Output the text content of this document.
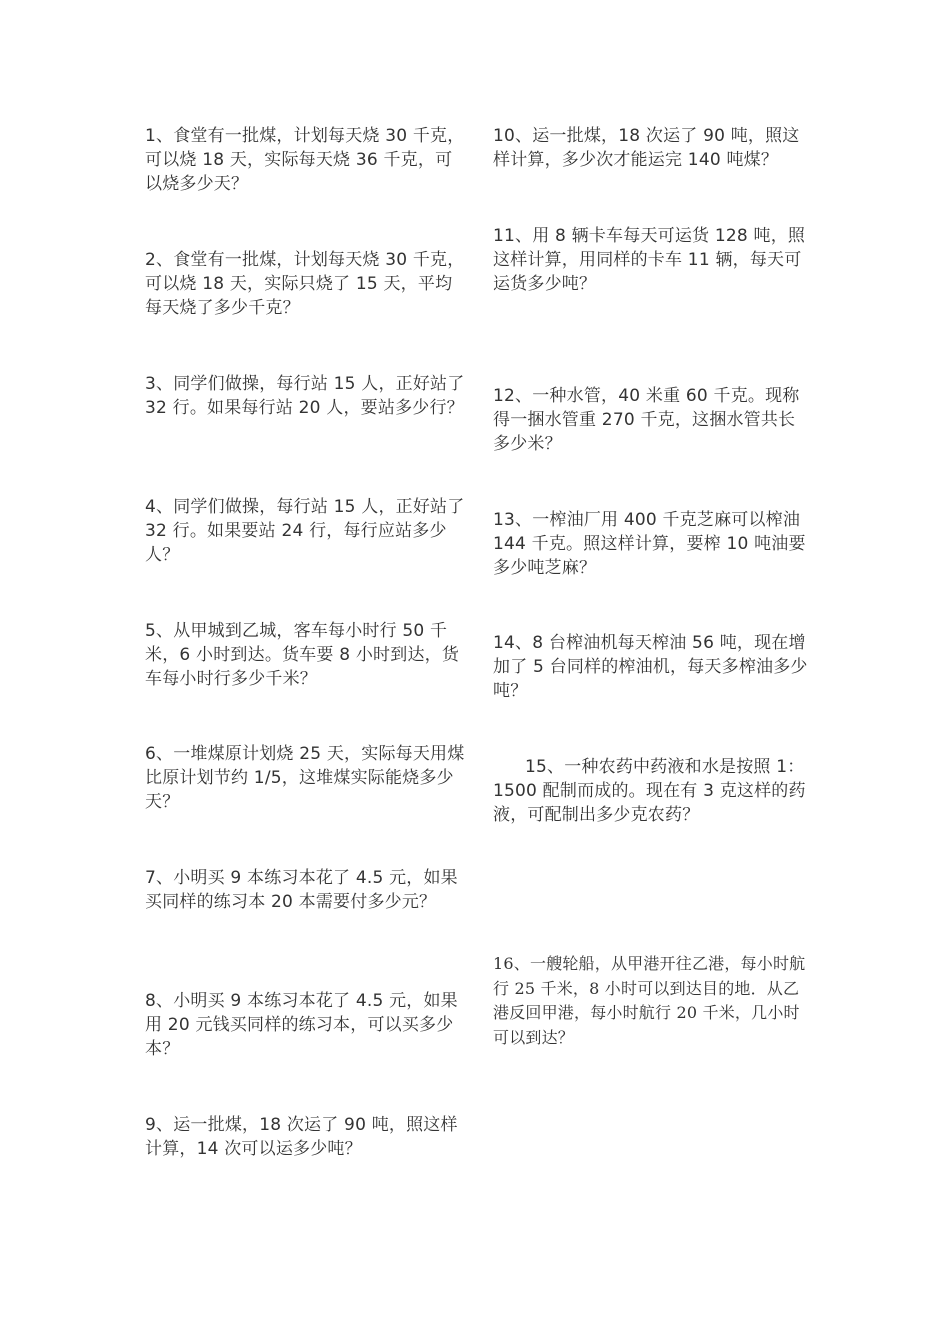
1、食堂有一批煤，计划每天烧 30 千克，可以烧 18 天，实际每天烧 36 千克，可以烧多少天？

2、食堂有一批煤，计划每天烧 30 千克，可以烧 18 天，实际只烧了 15 天，平均每天烧了多少千克？

3、同学们做操，每行站 15 人，正好站了 32 行。如果每行站 20 人，要站多少行？

4、同学们做操，每行站 15 人，正好站了 32 行。如果要站 24 行，每行应站多少人？

5、从甲城到乙城，客车每小时行 50 千米，6 小时到达。货车要 8 小时到达，货车每小时行多少千米？

6、一堆煤原计划烧 25 天，实际每天用煤比原计划节约 1/5，这堆煤实际能烧多少天？

7、小明买 9 本练习本花了 4.5 元，如果买同样的练习本 20 本需要付多少元？

8、小明买 9 本练习本花了 4.5 元，如果用 20 元钱买同样的练习本，可以买多少本？

9、运一批煤，18 次运了 90 吨，照这样计算，14 次可以运多少吨？

10、运一批煤，18 次运了 90 吨，照这样计算，多少次才能运完 140 吨煤？

11、用 8 辆卡车每天可运货 128 吨，照这样计算，用同样的卡车 11 辆，每天可运货多少吨？

12、一种水管，40 米重 60 千克。现称得一捆水管重 270 千克，这捆水管共长多少米？

13、一榨油厂用 400 千克芝麻可以榨油 144 千克。照这样计算，要榨 10 吨油要多少吨芝麻？

14、8 台榨油机每天榨油 56 吨，现在增加了 5 台同样的榨油机，每天多榨油多少吨？

15、一种农药中药液和水是按照 1：1500 配制而成的。现在有 3 克这样的药液，可配制出多少克农药？

16、一艘轮船，从甲港开往乙港，每小时航行 25 千米，8 小时可以到达目的地．从乙港反回甲港，每小时航行 20 千米，几小时可以到达？
